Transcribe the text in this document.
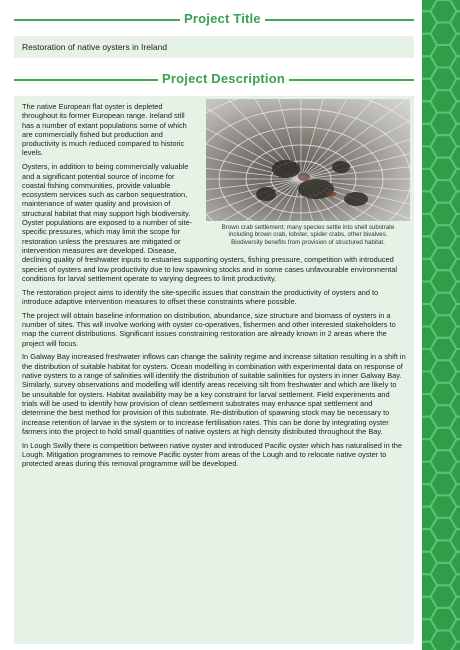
Project Title
Restoration of native oysters in Ireland
Project Description
Brown crab settlement; many species settle into shell substrate
including brown crab, lobster, spider crabs, other bivalves.
Biodiversity benefits from provision of structured habitat.

The native European flat oyster is depleted throughout its former European range. Ireland still has a number of extant populations some of which are commercially fished but production and productivity is much reduced compared to historic levels.

Oysters, in addition to being commercially valuable and a significant potential source of income for coastal fishing communities, provide valuable ecosystem services such as carbon sequestration, maintenance of water quality and provision of structural habitat that may support high biodiversity. Oyster populations are exposed to a number of site-specific pressures, which may limit the scope for restoration unless the pressures are mitigated or intervention measures are developed. Disease, declining quality of freshwater inputs to estuaries supporting oysters, fishing pressure, competition with introduced species of oysters and low productivity due to low spawning stocks and in some cases unfavourable environmental conditions for larval settlement operate to varying degrees to limit productivity.

The restoration project aims to identify the site-specific issues that constrain the productivity of oysters and to introduce adaptive intervention measures to offset these constraints where possible.

The project will obtain baseline information on distribution, abundance, size structure and biomass of oysters in a number of sites. This will involve working with oyster co-operatives, fishermen and other interested stakeholders to map the current distributions. Significant issues constraining restoration are already known in 2 areas where the project will focus.

In Galway Bay increased freshwater inflows can change the salinity regime and increase siltation resulting in a shift in the distribution of suitable habitat for oysters. Ocean modelling in combination with experimental data on response of native oysters to a range of salinities will identify the distribution of suitable salinities for oysters in inner Galway Bay. Similarly, survey observations and modelling will identify areas receiving silt from freshwater and which are likely to be unsuitable for oysters. Habitat availability may be a key constraint for larval settlement. Field experiments and trials will be used to identify how provision of clean settlement substrates may enhance spat settlement and determine the best method for provision of this substrate. Re-distribution of spawning stock may be necessary to increase retention of larvae in the system or to increase fertilisation rates. This can be done by integrating oyster farmers into the project to hold small quantities of native oysters at high density distributed throughout the Bay.

In Lough Swilly there is competition between native oyster and introduced Pacific oyster which has naturalised in the Lough. Mitigation programmes to remove Pacific oyster from areas of the Lough and to relocate native oyster to protected areas during this removal programme will be developed.
